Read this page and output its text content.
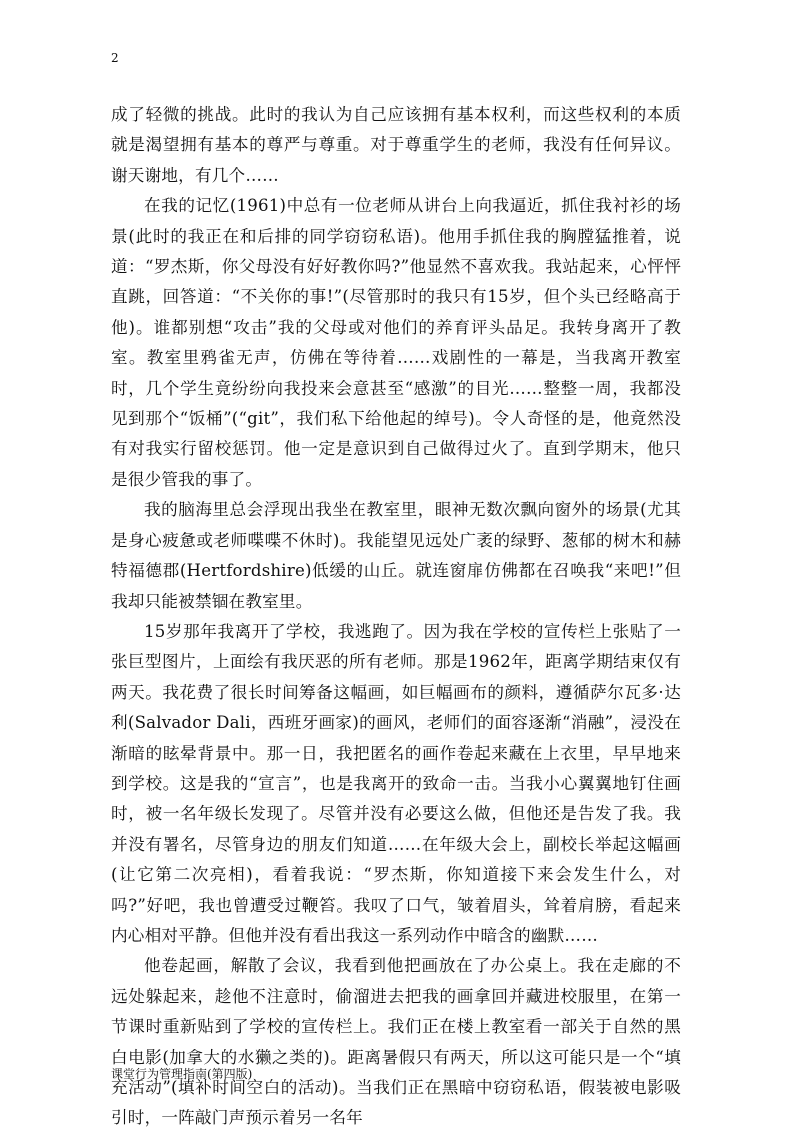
2

成了轻微的挑战。此时的我认为自己应该拥有基本权利，而这些权利的本质就是渴望拥有基本的尊严与尊重。对于尊重学生的老师，我没有任何异议。谢天谢地，有几个……

在我的记忆(1961)中总有一位老师从讲台上向我逼近，抓住我衬衫的场景(此时的我正在和后排的同学窃窃私语)。他用手抓住我的胸膛猛推着，说道：“罗杰斯，你父母没有好好教你吗?”他显然不喜欢我。我站起来，心怦怦直跳，回答道：“不关你的事!”(尽管那时的我只有15岁，但个头已经略高于他)。谁都别想“攻击”我的父母或对他们的养育评头品足。我转身离开了教室。教室里鸦雀无声，仿佛在等待着……戏剧性的一幕是，当我离开教室时，几个学生竟纷纷向我投来会意甚至“感激”的目光……整整一周，我都没见到那个“饭桶”(“git”，我们私下给他起的绰号)。令人奇怪的是，他竟然没有对我实行留校惩罚。他一定是意识到自己做得过火了。直到学期末，他只是很少管我的事了。

我的脑海里总会浮现出我坐在教室里，眼神无数次飘向窗外的场景(尤其是身心疲惫或老师喋喋不休时)。我能望见远处广袤的绿野、葱郁的树木和赫特福德郡(Hertfordshire)低缓的山丘。就连窗扉仿佛都在召唤我“来吧!”但我却只能被禁锢在教室里。

15岁那年我离开了学校，我逃跑了。因为我在学校的宣传栏上张贴了一张巨型图片，上面绘有我厌恶的所有老师。那是1962年，距离学期结束仅有两天。我花费了很长时间筹备这幅画，如巨幅画布的颜料，遵循萨尔瓦多·达利(Salvador Dali，西班牙画家)的画风，老师们的面容逐渐“消融”，浸没在渐暗的眩晕背景中。那一日，我把匿名的画作卷起来藏在上衣里，早早地来到学校。这是我的“宣言”，也是我离开的致命一击。当我小心翼翼地钉住画时，被一名年级长发现了。尽管并没有必要这么做，但他还是告发了我。我并没有署名，尽管身边的朋友们知道……在年级大会上，副校长举起这幅画(让它第二次亮相)，看着我说：“罗杰斯，你知道接下来会发生什么，对吗?”好吧，我也曾遭受过鞭笞。我叹了口气，皱着眉头，耸着肩膀，看起来内心相对平静。但他并没有看出我这一系列动作中暗含的幽默……

他卷起画，解散了会议，我看到他把画放在了办公桌上。我在走廊的不远处躲起来，趁他不注意时，偷溜进去把我的画拿回并藏进校服里，在第一节课时重新贴到了学校的宣传栏上。我们正在楼上教室看一部关于自然的黑白电影(加拿大的水獭之类的)。距离暑假只有两天，所以这可能只是一个“填充活动”(填补时间空白的活动)。当我们正在黑暗中窃窃私语，假装被电影吸引时，一阵敲门声预示着另一名年

课堂行为管理指南(第四版)
